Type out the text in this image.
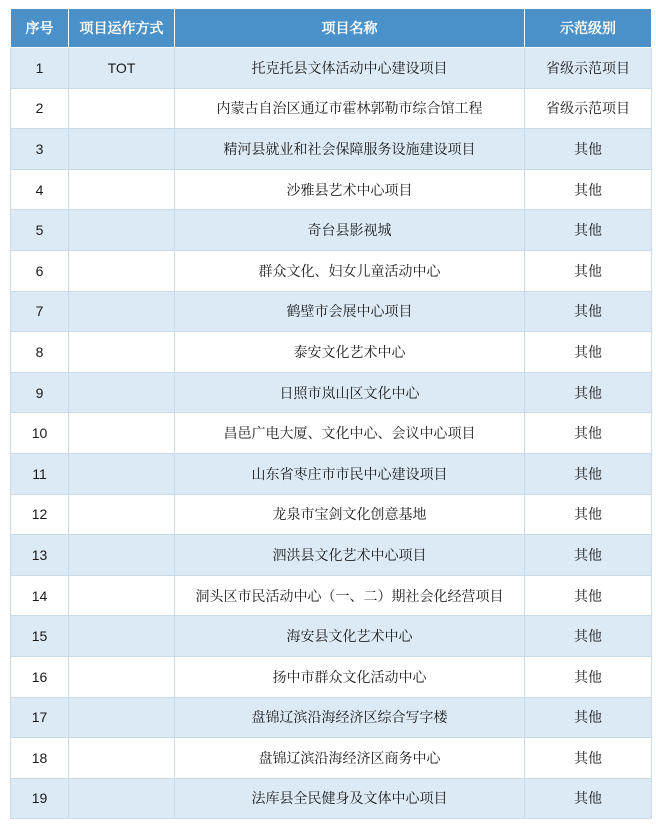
序号	项目运作方式	项目名称	示范级别
1	TOT	托克托县文体活动中心建设项目	省级示范项目
2		内蒙古自治区通辽市霍林郭勒市综合馆工程	省级示范项目
3		精河县就业和社会保障服务设施建设项目	其他
4		沙雅县艺术中心项目	其他
5		奇台县影视城	其他
6		群众文化、妇女儿童活动中心	其他
7		鹤壁市会展中心项目	其他
8		泰安文化艺术中心	其他
9		日照市岚山区文化中心	其他
10		昌邑广电大厦、文化中心、会议中心项目	其他
11		山东省枣庄市市民中心建设项目	其他
12		龙泉市宝剑文化创意基地	其他
13		泗洪县文化艺术中心项目	其他
14		洞头区市民活动中心（一、二）期社会化经营项目	其他
15		海安县文化艺术中心	其他
16		扬中市群众文化活动中心	其他
17		盘锦辽滨沿海经济区综合写字楼	其他
18		盘锦辽滨沿海经济区商务中心	其他
19		法库县全民健身及文体中心项目	其他
